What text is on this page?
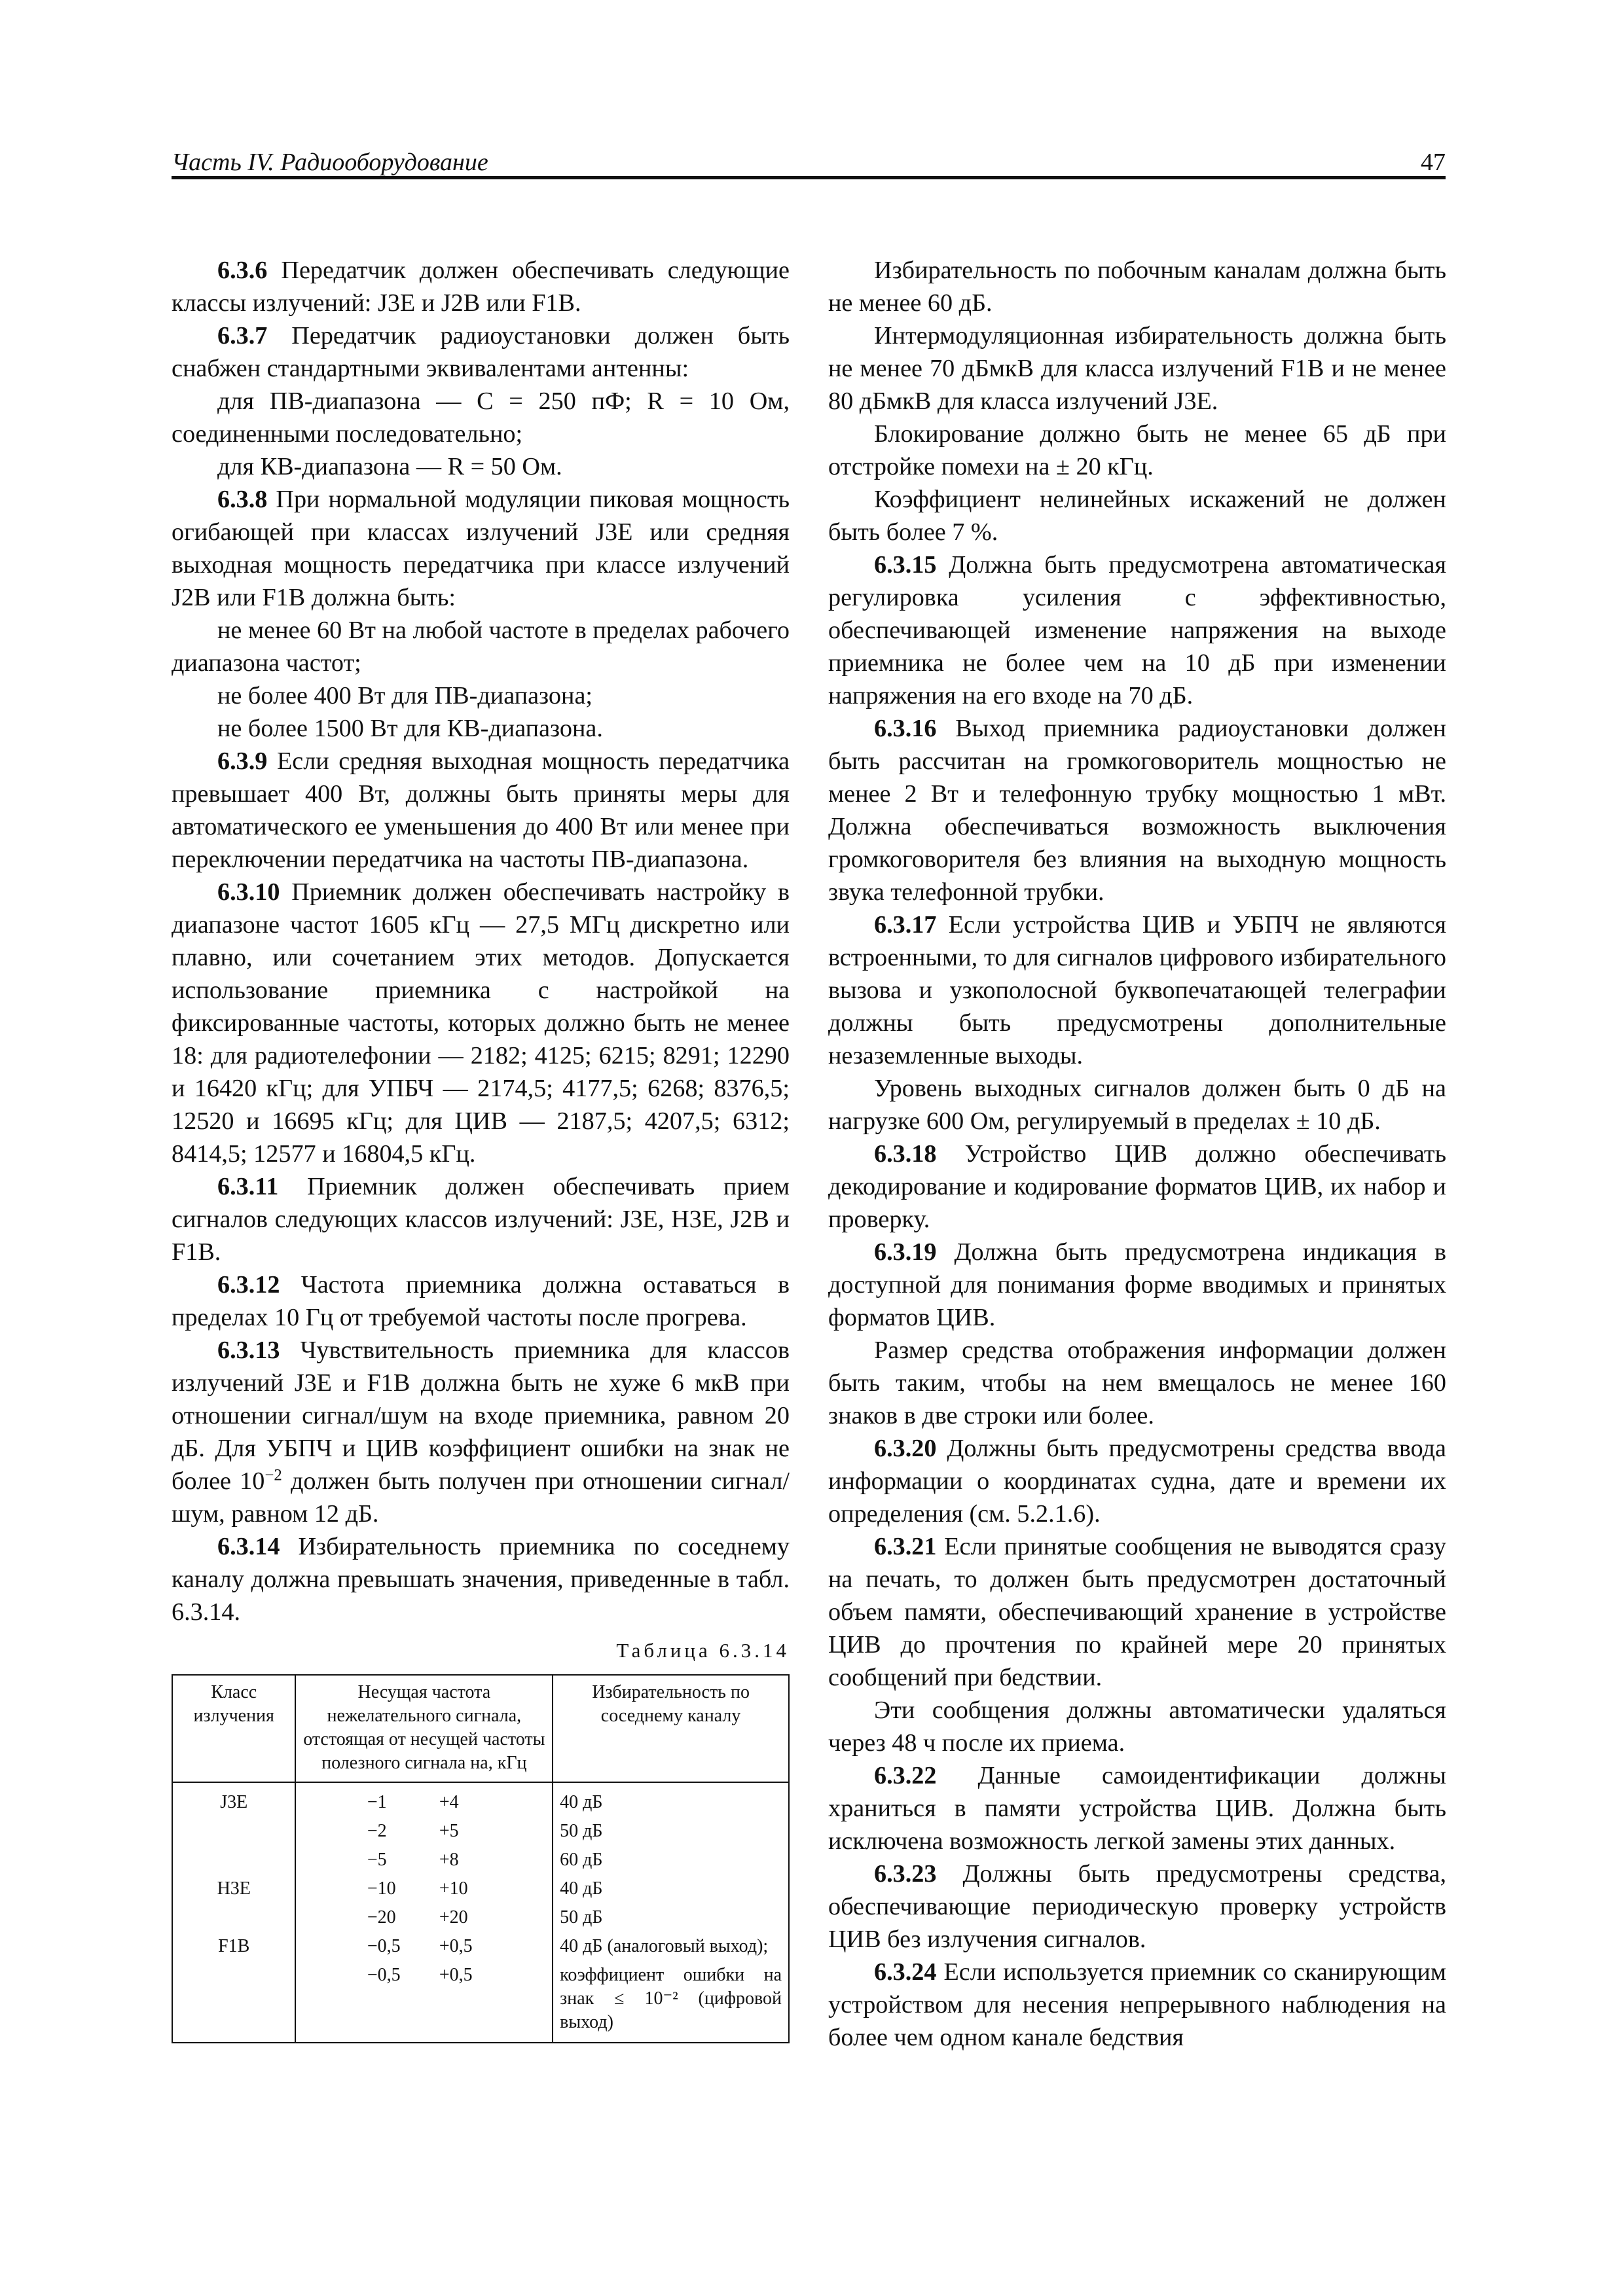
Часть IV. Радиооборудование	47

6.3.6 Передатчик должен обеспечивать следующие классы излучений: J3E и J2B или F1B.

6.3.7 Передатчик радиоустановки должен быть снабжен стандартными эквивалентами антенны:

для ПВ-диапазона — C = 250 пФ; R = 10 Ом, соединенными последовательно;

для КВ-диапазона — R = 50 Ом.

6.3.8 При нормальной модуляции пиковая мощность огибающей при классах излучений J3E или средняя выходная мощность передатчика при классе излучений J2B или F1B должна быть:

не менее 60 Вт на любой частоте в пределах рабочего диапазона частот;

не более 400 Вт для ПВ-диапазона;

не более 1500 Вт для КВ-диапазона.

6.3.9 Если средняя выходная мощность передатчика превышает 400 Вт, должны быть приняты меры для автоматического ее уменьшения до 400 Вт или менее при переключении передатчика на частоты ПВ-диапазона.

6.3.10 Приемник должен обеспечивать настройку в диапазоне частот 1605 кГц — 27,5 МГц дискретно или плавно, или сочетанием этих методов. Допускается использование приемника с настройкой на фиксированные частоты, которых должно быть не менее 18: для радиотелефонии — 2182; 4125; 6215; 8291; 12290 и 16420 кГц; для УПБЧ — 2174,5; 4177,5; 6268; 8376,5; 12520 и 16695 кГц; для ЦИВ — 2187,5; 4207,5; 6312; 8414,5; 12577 и 16804,5 кГц.

6.3.11 Приемник должен обеспечивать прием сигналов следующих классов излучений: J3E, H3E, J2B и F1B.

6.3.12 Частота приемника должна оставаться в пределах 10 Гц от требуемой частоты после прогрева.

6.3.13 Чувствительность приемника для классов излучений J3E и F1B должна быть не хуже 6 мкВ при отношении сигнал/шум на входе приемника, равном 20 дБ. Для УБПЧ и ЦИВ коэффициент ошибки на знак не более $10^{-2}$ должен быть получен при отношении сигнал/шум, равном 12 дБ.

6.3.14 Избирательность приемника по соседнему каналу должна превышать значения, приведенные в табл. 6.3.14.

Таблица 6.3.14
Класс излучения	Несущая частота нежелательного сигнала, отстоящая от несущей частоты полезного сигнала на, кГц	Избирательность по соседнему каналу
J3E	−1 +4	40 дБ

	−2 +5	50 дБ

	−5 +8	60 дБ
H3E	−10 +10	40 дБ

	−20 +20	50 дБ
F1B	−0,5 +0,5	40 дБ (аналоговый выход);

	−0,5 +0,5	коэффициент ошибки на знак ≤ 10⁻² (цифровой выход)

Избирательность по побочным каналам должна быть не менее 60 дБ.

Интермодуляционная избирательность должна быть не менее 70 дБмкВ для класса излучений F1B и не менее 80 дБмкВ для класса излучений J3E.

Блокирование должно быть не менее 65 дБ при отстройке помехи на ± 20 кГц.

Коэффициент нелинейных искажений не должен быть более 7 %.

6.3.15 Должна быть предусмотрена автоматическая регулировка усиления с эффективностью, обеспечивающей изменение напряжения на выходе приемника не более чем на 10 дБ при изменении напряжения на его входе на 70 дБ.

6.3.16 Выход приемника радиоустановки должен быть рассчитан на громкоговоритель мощностью не менее 2 Вт и телефонную трубку мощностью 1 мВт. Должна обеспечиваться возможность выключения громкоговорителя без влияния на выходную мощность звука телефонной трубки.

6.3.17 Если устройства ЦИВ и УБПЧ не являются встроенными, то для сигналов цифрового избирательного вызова и узкополосной буквопечатающей телеграфии должны быть предусмотрены дополнительные незаземленные выходы.

Уровень выходных сигналов должен быть 0 дБ на нагрузке 600 Ом, регулируемый в пределах ± 10 дБ.

6.3.18 Устройство ЦИВ должно обеспечивать декодирование и кодирование форматов ЦИВ, их набор и проверку.

6.3.19 Должна быть предусмотрена индикация в доступной для понимания форме вводимых и принятых форматов ЦИВ.

Размер средства отображения информации должен быть таким, чтобы на нем вмещалось не менее 160 знаков в две строки или более.

6.3.20 Должны быть предусмотрены средства ввода информации о координатах судна, дате и времени их определения (см. 5.2.1.6).

6.3.21 Если принятые сообщения не выводятся сразу на печать, то должен быть предусмотрен достаточный объем памяти, обеспечивающий хранение в устройстве ЦИВ до прочтения по крайней мере 20 принятых сообщений при бедствии.

Эти сообщения должны автоматически удаляться через 48 ч после их приема.

6.3.22 Данные самоидентификации должны храниться в памяти устройства ЦИВ. Должна быть исключена возможность легкой замены этих данных.

6.3.23 Должны быть предусмотрены средства, обеспечивающие периодическую проверку устройств ЦИВ без излучения сигналов.

6.3.24 Если используется приемник со сканирующим устройством для несения непрерывного наблюдения на более чем одном канале бедствия
